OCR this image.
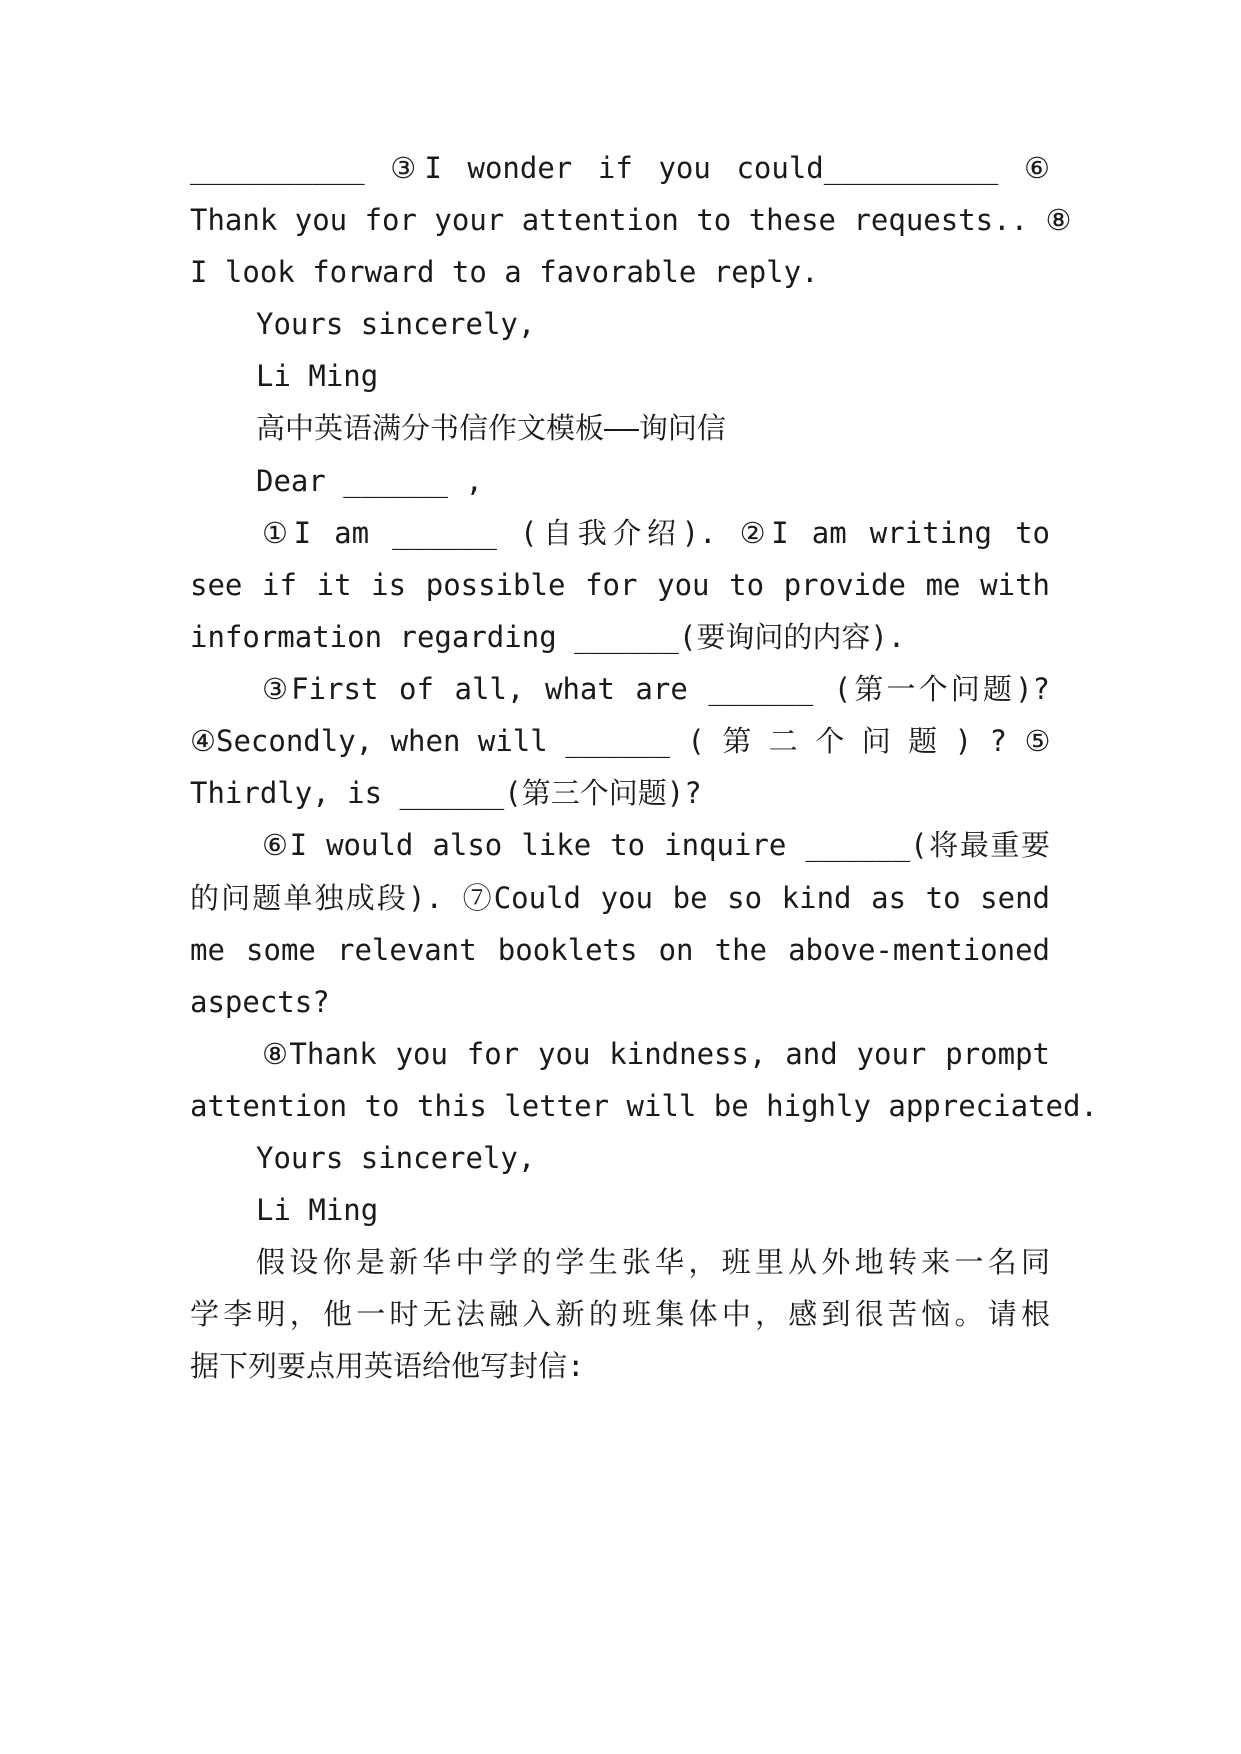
__________ ③I wonder if you could__________ ⑥
Thank you for your attention to these requests.. ⑧
I look forward to a favorable reply.
Yours sincerely,
Li Ming
高中英语满分书信作文模板——询问信
Dear ______ ,
①I am ______ (自我介绍). ②I am writing to
see if it is possible for you to provide me with
information regarding ______(要询问的内容).
③First of all, what are ______ (第一个问题)?
④Secondly, when will ______ ( 第 二 个 问 题 ) ? ⑤
Thirdly, is ______(第三个问题)?
⑥I would also like to inquire ______(将最重要
的问题单独成段). ⑦Could you be so kind as to send
me some relevant booklets on the above-mentioned
aspects?
⑧Thank you for you kindness, and your prompt
attention to this letter will be highly appreciated.
Yours sincerely,
Li Ming
假设你是新华中学的学生张华，班里从外地转来一名同
学李明，他一时无法融入新的班集体中，感到很苦恼。请根
据下列要点用英语给他写封信:
